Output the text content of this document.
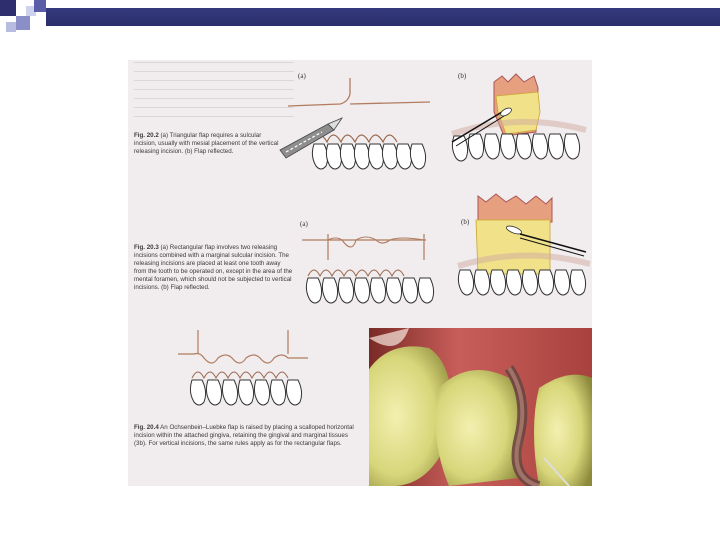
(a)	(b)
Fig. 20.2 (a) Triangular flap requires a sulcular incision, usually with mesial placement of the vertical releasing incision. (b) Flap reflected.
(a)	(b)
Fig. 20.3 (a) Rectangular flap involves two releasing incisions combined with a marginal sulcular incision. The releasing incisions are placed at least one tooth away from the tooth to be operated on, except in the area of the mental foramen, which should not be subjected to vertical incisions. (b) Flap reflected.
Fig. 20.4 An Ochsenbein–Luebke flap is raised by placing a scalloped horizontal incision within the attached gingiva, retaining the gingival and marginal tissues (3b). For vertical incisions, the same rules apply as for the rectangular flaps.
